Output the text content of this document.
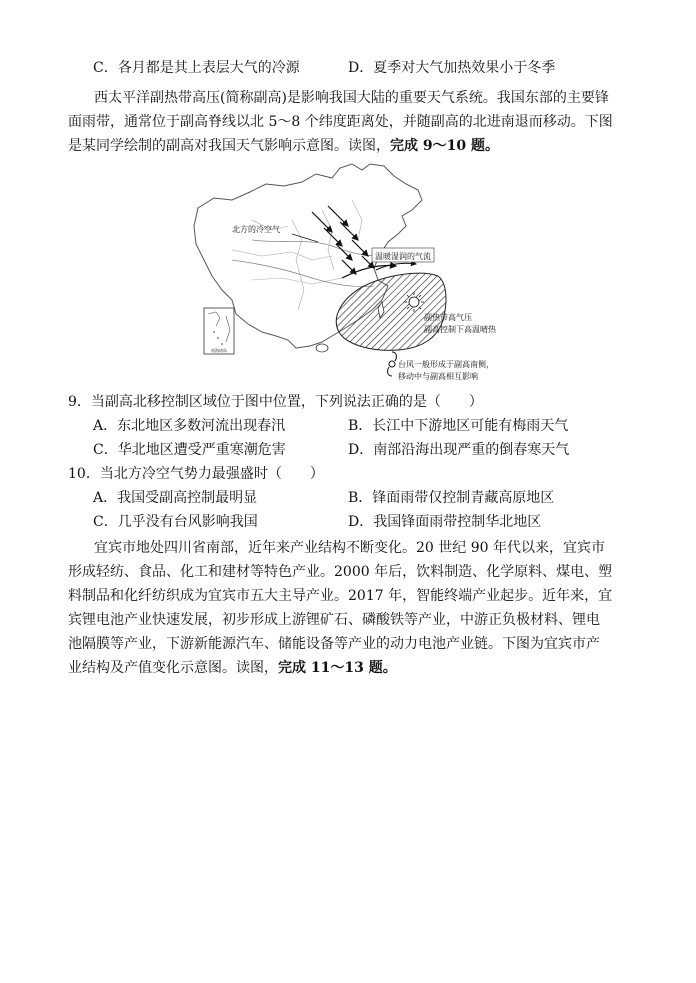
C．各月都是其上表层大气的冷源	D．夏季对大气加热效果小于冬季
西太平洋副热带高压(简称副高)是影响我国大陆的重要天气系统。我国东部的主要锋
面雨带，通常位于副高脊线以北 5～8 个纬度距离处，并随副高的北进南退而移动。下图
是某同学绘制的副高对我国天气影响示意图。读图，完成 9～10 题。
北方的冷空气
温暖湿润的气流
副热带高气压
副高控制下高温晴热
台风一般形成于副高南侧，
移动中与副高相互影响
南海诸岛
9．当副高北移控制区域位于图中位置，下列说法正确的是（　　）
A．东北地区多数河流出现春汛	B．长江中下游地区可能有梅雨天气
C．华北地区遭受严重寒潮危害	D．南部沿海出现严重的倒春寒天气
10．当北方冷空气势力最强盛时（　　）
A．我国受副高控制最明显	B．锋面雨带仅控制青藏高原地区
C．几乎没有台风影响我国	D．我国锋面雨带控制华北地区
宜宾市地处四川省南部，近年来产业结构不断变化。20 世纪 90 年代以来，宜宾市
形成轻纺、食品、化工和建材等特色产业。2000 年后，饮料制造、化学原料、煤电、塑
料制品和化纤纺织成为宜宾市五大主导产业。2017 年，智能终端产业起步。近年来，宜
宾锂电池产业快速发展，初步形成上游锂矿石、磷酸铁等产业，中游正负极材料、锂电
池隔膜等产业，下游新能源汽车、储能设备等产业的动力电池产业链。下图为宜宾市产
业结构及产值变化示意图。读图，完成 11～13 题。
